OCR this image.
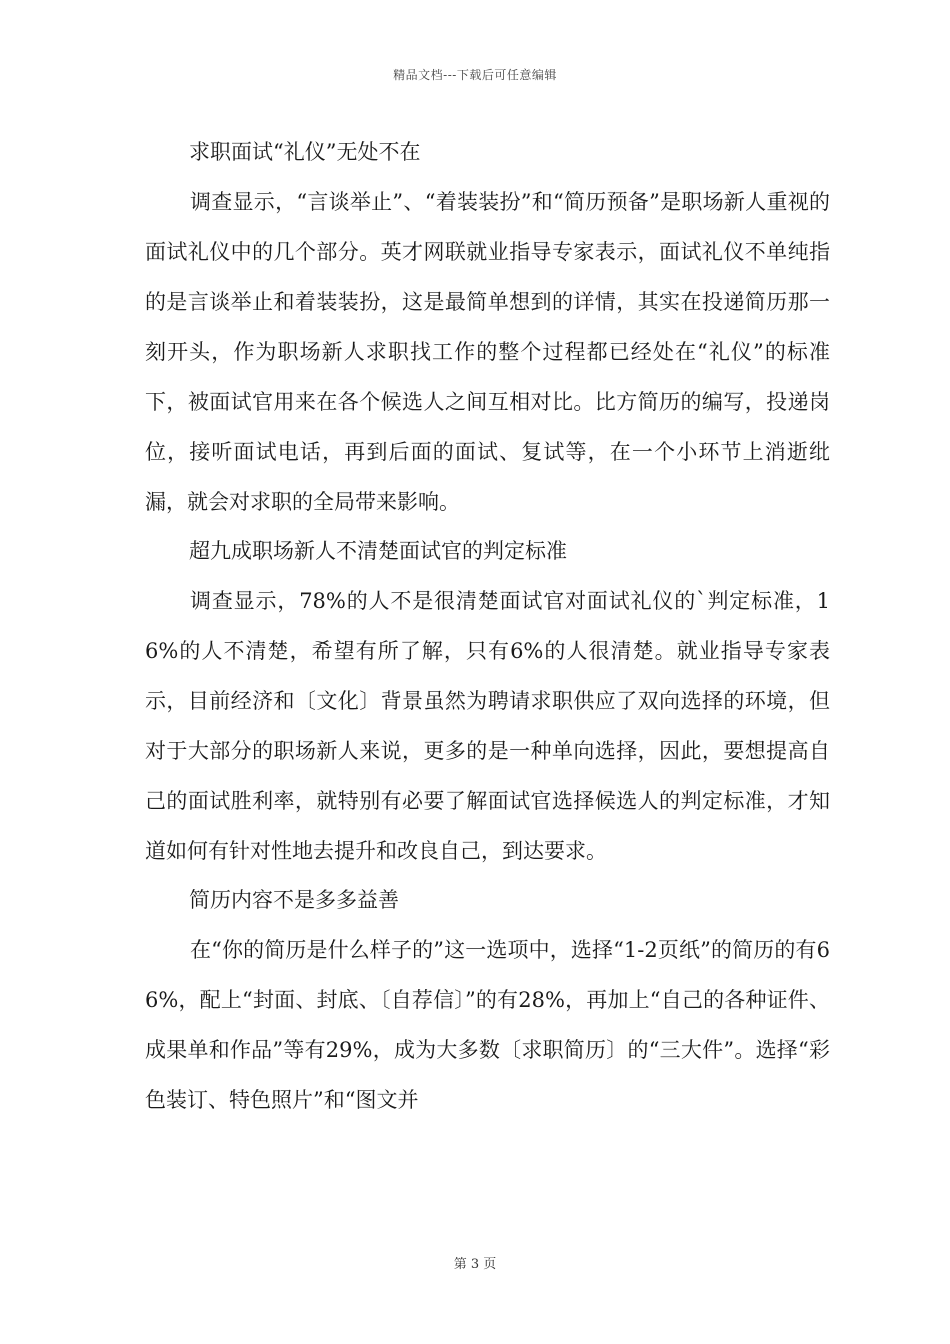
精品文档---下载后可任意编辑
求职面试“礼仪”无处不在

调查显示，“言谈举止”、“着装装扮”和“简历预备”是职场新人重视的面试礼仪中的几个部分。英才网联就业指导专家表示，面试礼仪不单纯指的是言谈举止和着装装扮，这是最简单想到的详情，其实在投递简历那一刻开头，作为职场新人求职找工作的整个过程都已经处在“礼仪”的标准下，被面试官用来在各个候选人之间互相对比。比方简历的编写，投递岗位，接听面试电话，再到后面的面试、复试等，在一个小环节上消逝纰漏，就会对求职的全局带来影响。

超九成职场新人不清楚面试官的判定标准

调查显示，78%的人不是很清楚面试官对面试礼仪的`判定标准，16%的人不清楚，希望有所了解，只有6%的人很清楚。就业指导专家表示，目前经济和〔文化〕背景虽然为聘请求职供应了双向选择的环境，但对于大部分的职场新人来说，更多的是一种单向选择，因此，要想提高自己的面试胜利率，就特别有必要了解面试官选择候选人的判定标准，才知道如何有针对性地去提升和改良自己，到达要求。

简历内容不是多多益善

在“你的简历是什么样子的”这一选项中，选择“1-2页纸”的简历的有66%，配上“封面、封底、〔自荐信〕”的有28%，再加上“自己的各种证件、成果单和作品”等有29%，成为大多数〔求职简历〕的“三大件”。选择“彩色装订、特色照片”和“图文并

第 3 页
